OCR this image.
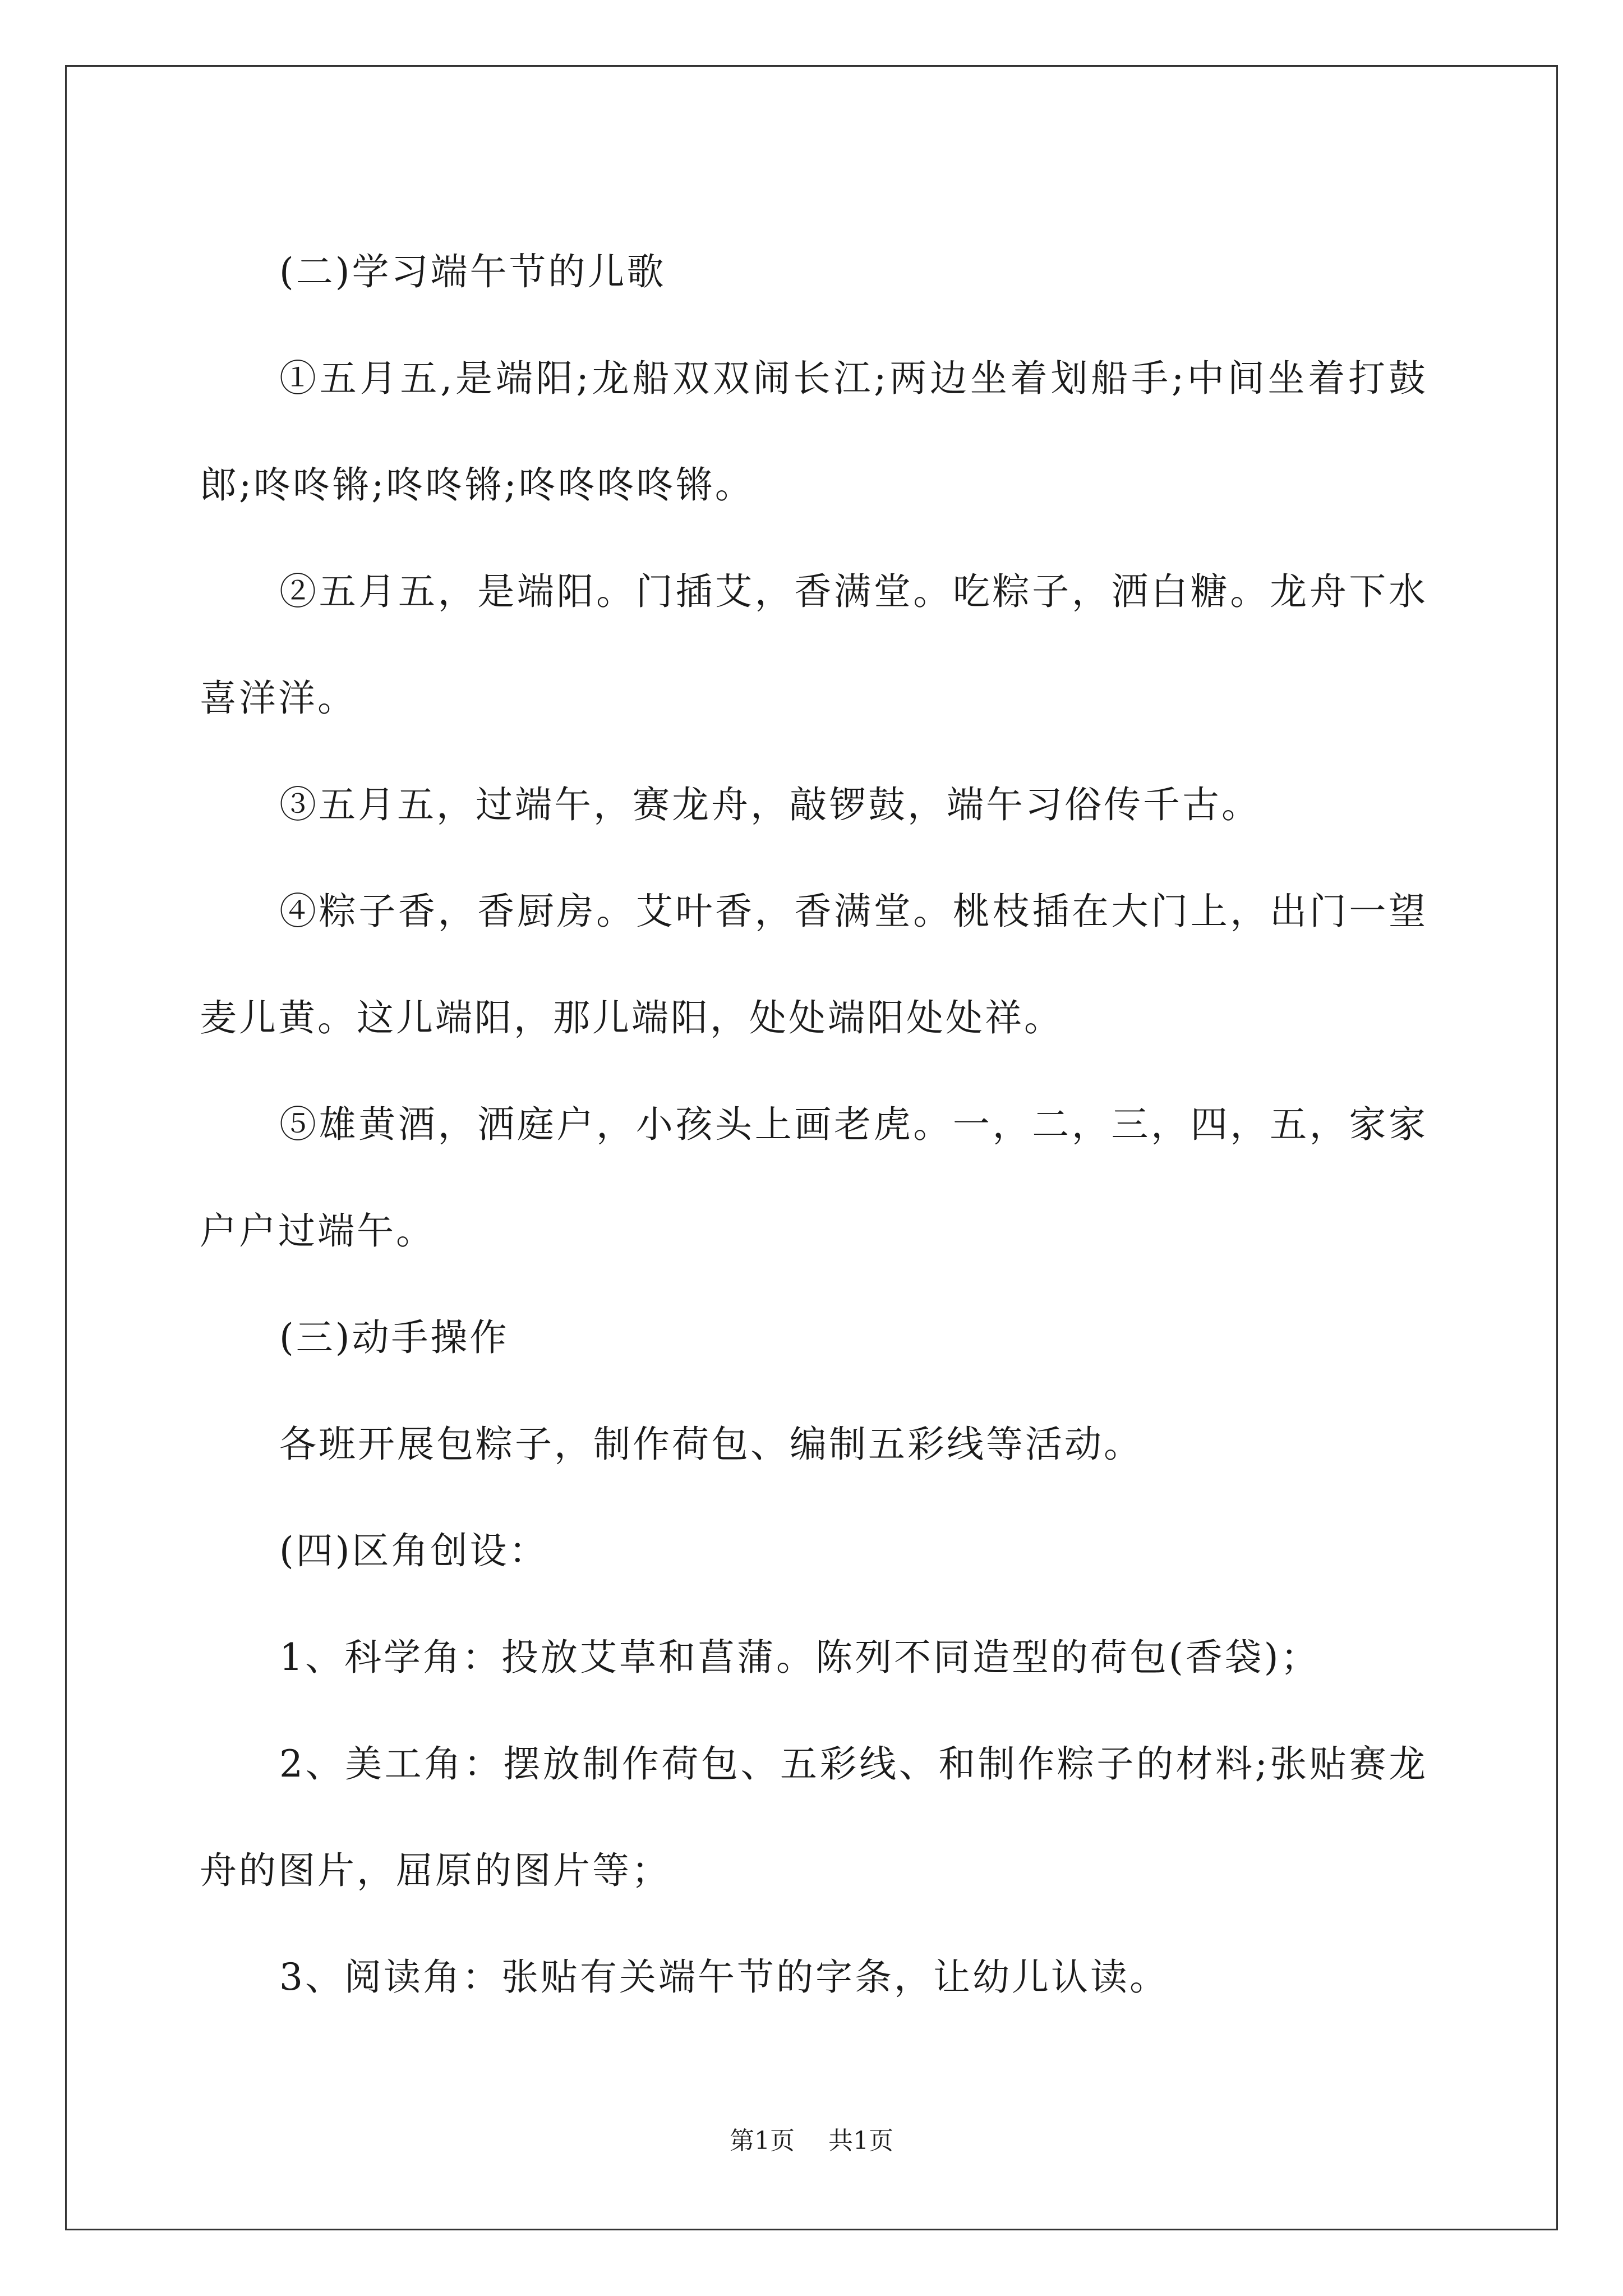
(二)学习端午节的儿歌

①五月五,是端阳;龙船双双闹长江;两边坐着划船手;中间坐着打鼓郎;咚咚锵;咚咚锵;咚咚咚咚锵。

②五月五，是端阳。门插艾，香满堂。吃粽子，洒白糖。龙舟下水喜洋洋。

③五月五，过端午，赛龙舟，敲锣鼓，端午习俗传千古。

④粽子香，香厨房。艾叶香，香满堂。桃枝插在大门上，出门一望麦儿黄。这儿端阳，那儿端阳，处处端阳处处祥。

⑤雄黄酒，洒庭户，小孩头上画老虎。一，二，三，四，五，家家户户过端午。

(三)动手操作

各班开展包粽子，制作荷包、编制五彩线等活动。

(四)区角创设：

1、科学角：投放艾草和菖蒲。陈列不同造型的荷包(香袋)；

2、美工角：摆放制作荷包、五彩线、和制作粽子的材料;张贴赛龙舟的图片，屈原的图片等；

3、阅读角：张贴有关端午节的字条，让幼儿认读。

第1页 共1页
